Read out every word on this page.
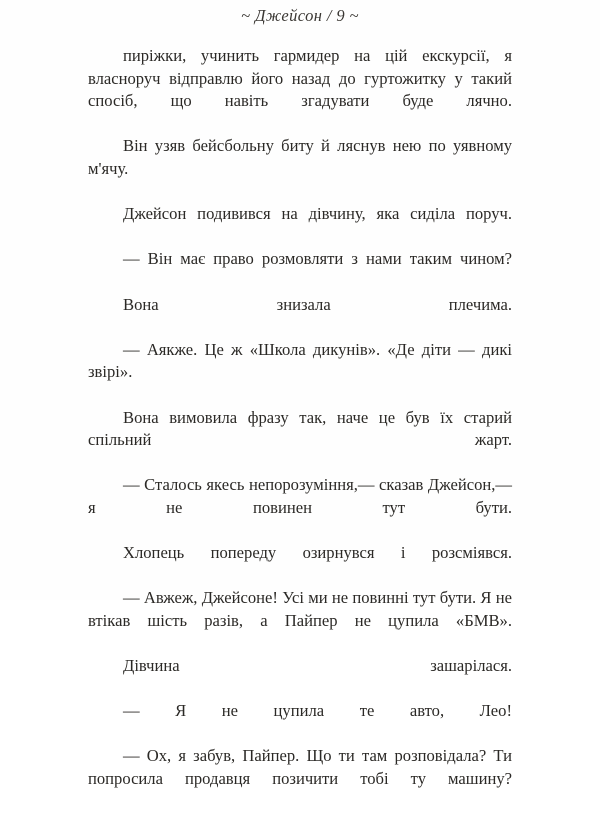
~ Джейсон / 9 ~

пиріжки, учинить гармидер на цій екскурсії, я власноруч відправлю його назад до гуртожитку у такий спосіб, що навіть згадувати буде лячно.

Він узяв бейсбольну биту й ляснув нею по уявному м'ячу.

Джейсон подивився на дівчину, яка сиділа поруч.

— Він має право розмовляти з нами таким чином?

Вона знизала плечима.

— Аякже. Це ж «Школа дикунів». «Де діти — дикі звірі».

Вона вимовила фразу так, наче це був їх старий спільний жарт.

— Сталось якесь непорозуміння,— сказав Джейсон,— я не повинен тут бути.

Хлопець попереду озирнувся і розсміявся.

— Авжеж, Джейсоне! Усі ми не повинні тут бути. Я не втікав шість разів, а Пайпер не цупила «БМВ».

Дівчина зашарілася.

— Я не цупила те авто, Лео!

— Ох, я забув, Пайпер. Що ти там розповідала? Ти попросила продавця позичити тобі ту машину?
